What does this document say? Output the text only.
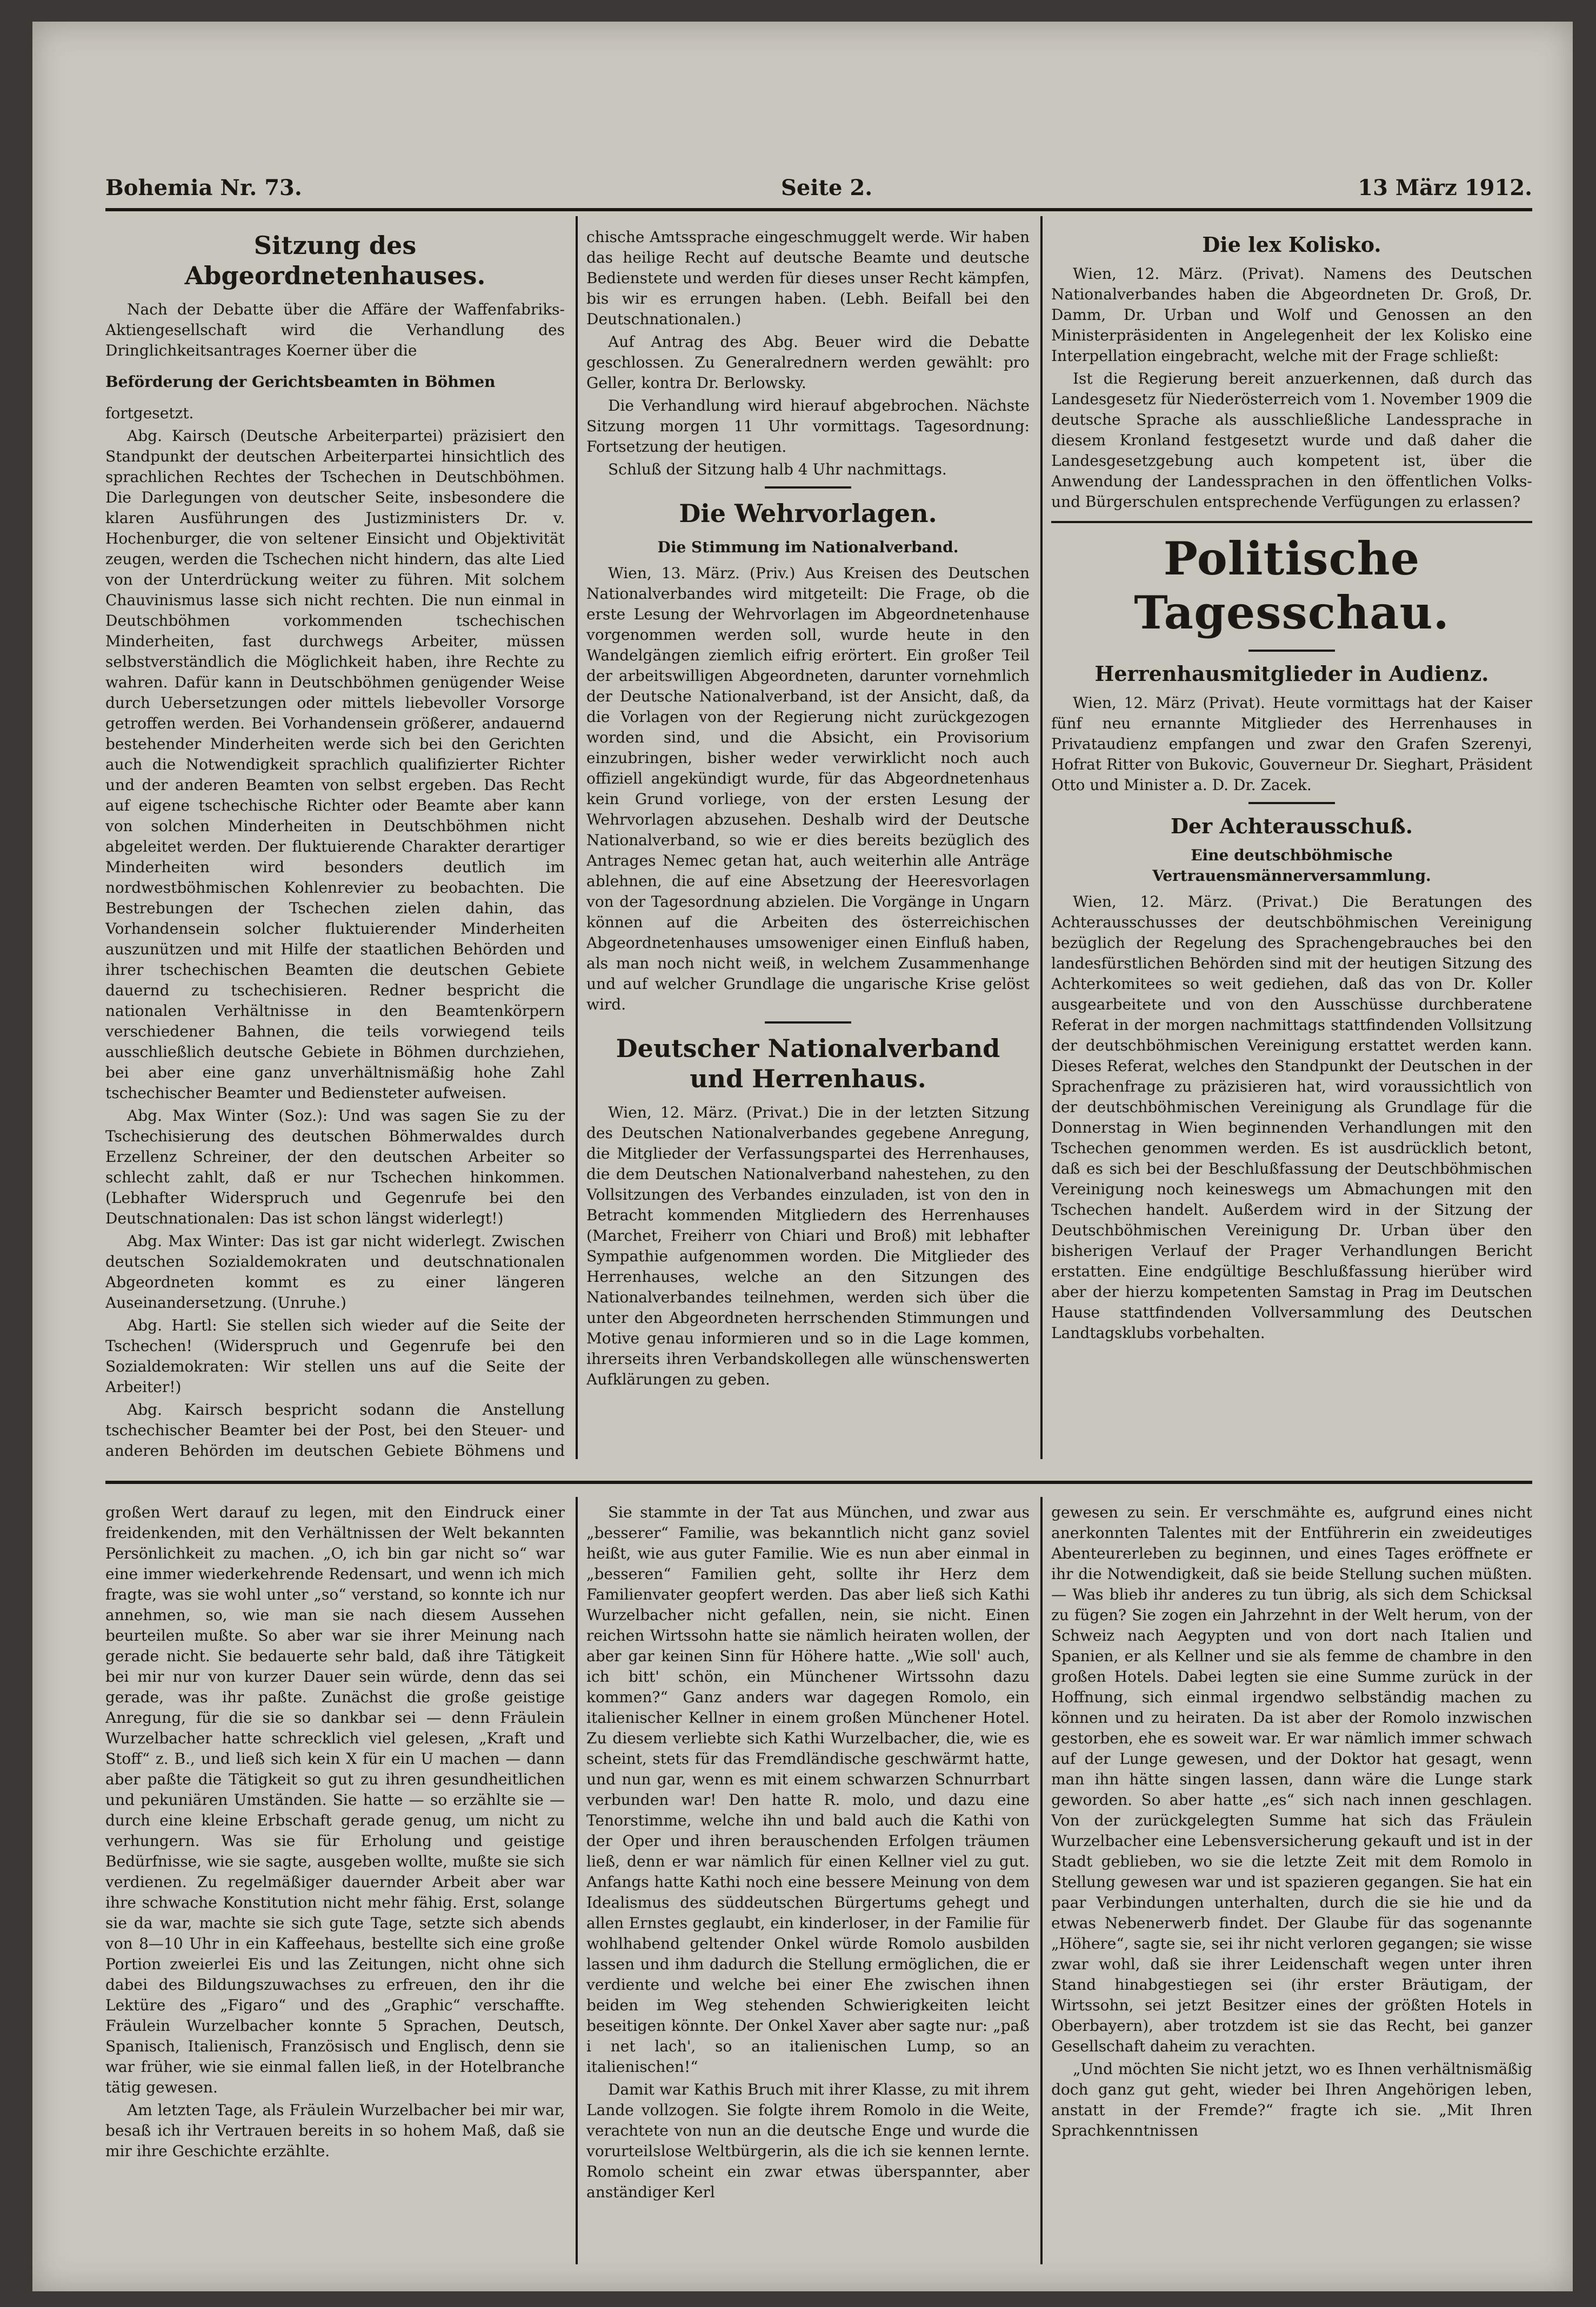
Bohemia Nr. 73.	Seite 2.	13 März 1912.
Sitzung des Abgeordnetenhauses.

Nach der Debatte über die Affäre der Waffenfabriks-Aktiengesellschaft wird die Verhandlung des Dringlichkeitsantrages Koerner über die

Beförderung der Gerichtsbeamten in Böhmen

fortgesetzt.

Abg. Kairsch (Deutsche Arbeiterpartei) präzisiert den Standpunkt der deutschen Arbeiterpartei hinsichtlich des sprachlichen Rechtes der Tschechen in Deutschböhmen. Die Darlegungen von deutscher Seite, insbesondere die klaren Ausführungen des Justizministers Dr. v. Hochenburger, die von seltener Einsicht und Objektivität zeugen, werden die Tschechen nicht hindern, das alte Lied von der Unterdrückung weiter zu führen. Mit solchem Chauvinismus lasse sich nicht rechten. Die nun einmal in Deutschböhmen vorkommenden tschechischen Minderheiten, fast durchwegs Arbeiter, müssen selbstverständlich die Möglichkeit haben, ihre Rechte zu wahren. Dafür kann in Deutschböhmen genügender Weise durch Uebersetzungen oder mittels liebevoller Vorsorge getroffen werden. Bei Vorhandensein größerer, andauernd bestehender Minderheiten werde sich bei den Gerichten auch die Notwendigkeit sprachlich qualifizierter Richter und der anderen Beamten von selbst ergeben. Das Recht auf eigene tschechische Richter oder Beamte aber kann von solchen Minderheiten in Deutschböhmen nicht abgeleitet werden. Der fluktuierende Charakter derartiger Minderheiten wird besonders deutlich im nordwestböhmischen Kohlenrevier zu beobachten. Die Bestrebungen der Tschechen zielen dahin, das Vorhandensein solcher fluktuierender Minderheiten auszunützen und mit Hilfe der staatlichen Behörden und ihrer tschechischen Beamten die deutschen Gebiete dauernd zu tschechisieren. Redner bespricht die nationalen Verhältnisse in den Beamtenkörpern verschiedener Bahnen, die teils vorwiegend teils ausschließlich deutsche Gebiete in Böhmen durchziehen, bei aber eine ganz unverhältnismäßig hohe Zahl tschechischer Beamter und Bediensteter aufweisen.

Abg. Max Winter (Soz.): Und was sagen Sie zu der Tschechisierung des deutschen Böhmerwaldes durch Erzellenz Schreiner, der den deutschen Arbeiter so schlecht zahlt, daß er nur Tschechen hinkommen. (Lebhafter Widerspruch und Gegenrufe bei den Deutschnationalen: Das ist schon längst widerlegt!)

Abg. Max Winter: Das ist gar nicht widerlegt. Zwischen deutschen Sozialdemokraten und deutschnationalen Abgeordneten kommt es zu einer längeren Auseinandersetzung. (Unruhe.)

Abg. Hartl: Sie stellen sich wieder auf die Seite der Tschechen! (Widerspruch und Gegenrufe bei den Sozialdemokraten: Wir stellen uns auf die Seite der Arbeiter!)

Abg. Kairsch bespricht sodann die Anstellung tschechischer Beamter bei der Post, bei den Steuer- und anderen Behörden im deutschen Gebiete Böhmens und

chische Amtssprache eingeschmuggelt werde. Wir haben das heilige Recht auf deutsche Beamte und deutsche Bedienstete und werden für dieses unser Recht kämpfen, bis wir es errungen haben. (Lebh. Beifall bei den Deutschnationalen.)

Auf Antrag des Abg. Beuer wird die Debatte geschlossen. Zu Generalrednern werden gewählt: pro Geller, kontra Dr. Berlowsky.

Die Verhandlung wird hierauf abgebrochen. Nächste Sitzung morgen 11 Uhr vormittags. Tagesordnung: Fortsetzung der heutigen.

Schluß der Sitzung halb 4 Uhr nachmittags.

Die Wehrvorlagen.
Die Stimmung im Nationalverband.

Wien, 13. März. (Priv.) Aus Kreisen des Deutschen Nationalverbandes wird mitgeteilt: Die Frage, ob die erste Lesung der Wehrvorlagen im Abgeordnetenhause vorgenommen werden soll, wurde heute in den Wandelgängen ziemlich eifrig erörtert. Ein großer Teil der arbeitswilligen Abgeordneten, darunter vornehmlich der Deutsche Nationalverband, ist der Ansicht, daß, da die Vorlagen von der Regierung nicht zurückgezogen worden sind, und die Absicht, ein Provisorium einzubringen, bisher weder verwirklicht noch auch offiziell angekündigt wurde, für das Abgeordnetenhaus kein Grund vorliege, von der ersten Lesung der Wehrvorlagen abzusehen. Deshalb wird der Deutsche Nationalverband, so wie er dies bereits bezüglich des Antrages Nemec getan hat, auch weiterhin alle Anträge ablehnen, die auf eine Absetzung der Heeresvorlagen von der Tagesordnung abzielen. Die Vorgänge in Ungarn können auf die Arbeiten des österreichischen Abgeordnetenhauses umsoweniger einen Einfluß haben, als man noch nicht weiß, in welchem Zusammenhange und auf welcher Grundlage die ungarische Krise gelöst wird.

Deutscher Nationalverband und Herrenhaus.

Wien, 12. März. (Privat.) Die in der letzten Sitzung des Deutschen Nationalverbandes gegebene Anregung, die Mitglieder der Verfassungspartei des Herrenhauses, die dem Deutschen Nationalverband nahestehen, zu den Vollsitzungen des Verbandes einzuladen, ist von den in Betracht kommenden Mitgliedern des Herrenhauses (Marchet, Freiherr von Chiari und Broß) mit lebhafter Sympathie aufgenommen worden. Die Mitglieder des Herrenhauses, welche an den Sitzungen des Nationalverbandes teilnehmen, werden sich über die unter den Abgeordneten herrschenden Stimmungen und Motive genau informieren und so in die Lage kommen, ihrerseits ihren Verbandskollegen alle wünschenswerten Aufklärungen zu geben.

Die lex Kolisko.

Wien, 12. März. (Privat). Namens des Deutschen Nationalverbandes haben die Abgeordneten Dr. Groß, Dr. Damm, Dr. Urban und Wolf und Genossen an den Ministerpräsidenten in Angelegenheit der lex Kolisko eine Interpellation eingebracht, welche mit der Frage schließt:

Ist die Regierung bereit anzuerkennen, daß durch das Landesgesetz für Niederösterreich vom 1. November 1909 die deutsche Sprache als ausschließliche Landessprache in diesem Kronland festgesetzt wurde und daß daher die Landesgesetzgebung auch kompetent ist, über die Anwendung der Landessprachen in den öffentlichen Volks- und Bürgerschulen entsprechende Verfügungen zu erlassen?

Politische Tagesschau.
Herrenhausmitglieder in Audienz.

Wien, 12. März (Privat). Heute vormittags hat der Kaiser fünf neu ernannte Mitglieder des Herrenhauses in Privataudienz empfangen und zwar den Grafen Szerenyi, Hofrat Ritter von Bukovic, Gouverneur Dr. Sieghart, Präsident Otto und Minister a. D. Dr. Zacek.

Der Achterausschuß.
Eine deutschböhmische Vertrauensmännerversammlung.

Wien, 12. März. (Privat.) Die Beratungen des Achterausschusses der deutschböhmischen Vereinigung bezüglich der Regelung des Sprachengebrauches bei den landesfürstlichen Behörden sind mit der heutigen Sitzung des Achterkomitees so weit gediehen, daß das von Dr. Koller ausgearbeitete und von den Ausschüsse durchberatene Referat in der morgen nachmittags stattfindenden Vollsitzung der deutschböhmischen Vereinigung erstattet werden kann. Dieses Referat, welches den Standpunkt der Deutschen in der Sprachenfrage zu präzisieren hat, wird voraussichtlich von der deutschböhmischen Vereinigung als Grundlage für die Donnerstag in Wien beginnenden Verhandlungen mit den Tschechen genommen werden. Es ist ausdrücklich betont, daß es sich bei der Beschlußfassung der Deutschböhmischen Vereinigung noch keineswegs um Abmachungen mit den Tschechen handelt. Außerdem wird in der Sitzung der Deutschböhmischen Vereinigung Dr. Urban über den bisherigen Verlauf der Prager Verhandlungen Bericht erstatten. Eine endgültige Beschlußfassung hierüber wird aber der hierzu kompetenten Samstag in Prag im Deutschen Hause stattfindenden Vollversammlung des Deutschen Landtagsklubs vorbehalten.

großen Wert darauf zu legen, mit den Eindruck einer freidenkenden, mit den Verhältnissen der Welt bekannten Persönlichkeit zu machen. „O, ich bin gar nicht so“ war eine immer wiederkehrende Redensart, und wenn ich mich fragte, was sie wohl unter „so“ verstand, so konnte ich nur annehmen, so, wie man sie nach diesem Aussehen beurteilen mußte. So aber war sie ihrer Meinung nach gerade nicht. Sie bedauerte sehr bald, daß ihre Tätigkeit bei mir nur von kurzer Dauer sein würde, denn das sei gerade, was ihr paßte. Zunächst die große geistige Anregung, für die sie so dankbar sei — denn Fräulein Wurzelbacher hatte schrecklich viel gelesen, „Kraft und Stoff“ z. B., und ließ sich kein X für ein U machen — dann aber paßte die Tätigkeit so gut zu ihren gesundheitlichen und pekuniären Umständen. Sie hatte — so erzählte sie — durch eine kleine Erbschaft gerade genug, um nicht zu verhungern. Was sie für Erholung und geistige Bedürfnisse, wie sie sagte, ausgeben wollte, mußte sie sich verdienen. Zu regelmäßiger dauernder Arbeit aber war ihre schwache Konstitution nicht mehr fähig. Erst, solange sie da war, machte sie sich gute Tage, setzte sich abends von 8—10 Uhr in ein Kaffeehaus, bestellte sich eine große Portion zweierlei Eis und las Zeitungen, nicht ohne sich dabei des Bildungszuwachses zu erfreuen, den ihr die Lektüre des „Figaro“ und des „Graphic“ verschaffte. Fräulein Wurzelbacher konnte 5 Sprachen, Deutsch, Spanisch, Italienisch, Französisch und Englisch, denn sie war früher, wie sie einmal fallen ließ, in der Hotelbranche tätig gewesen.

Am letzten Tage, als Fräulein Wurzelbacher bei mir war, besaß ich ihr Vertrauen bereits in so hohem Maß, daß sie mir ihre Geschichte erzählte.

Sie stammte in der Tat aus München, und zwar aus „besserer“ Familie, was bekanntlich nicht ganz soviel heißt, wie aus guter Familie. Wie es nun aber einmal in „besseren“ Familien geht, sollte ihr Herz dem Familienvater geopfert werden. Das aber ließ sich Kathi Wurzelbacher nicht gefallen, nein, sie nicht. Einen reichen Wirtssohn hatte sie nämlich heiraten wollen, der aber gar keinen Sinn für Höhere hatte. „Wie soll' auch, ich bitt' schön, ein Münchener Wirtssohn dazu kommen?“ Ganz anders war dagegen Romolo, ein italienischer Kellner in einem großen Münchener Hotel. Zu diesem verliebte sich Kathi Wurzelbacher, die, wie es scheint, stets für das Fremdländische geschwärmt hatte, und nun gar, wenn es mit einem schwarzen Schnurrbart verbunden war! Den hatte R. molo, und dazu eine Tenorstimme, welche ihn und bald auch die Kathi von der Oper und ihren berauschenden Erfolgen träumen ließ, denn er war nämlich für einen Kellner viel zu gut. Anfangs hatte Kathi noch eine bessere Meinung von dem Idealismus des süddeutschen Bürgertums gehegt und allen Ernstes geglaubt, ein kinderloser, in der Familie für wohlhabend geltender Onkel würde Romolo ausbilden lassen und ihm dadurch die Stellung ermöglichen, die er verdiente und welche bei einer Ehe zwischen ihnen beiden im Weg stehenden Schwierigkeiten leicht beseitigen könnte. Der Onkel Xaver aber sagte nur: „paß i net lach', so an italienischen Lump, so an italienischen!“

Damit war Kathis Bruch mit ihrer Klasse, zu mit ihrem Lande vollzogen. Sie folgte ihrem Romolo in die Weite, verachtete von nun an die deutsche Enge und wurde die vorurteilslose Weltbürgerin, als die ich sie kennen lernte. Romolo scheint ein zwar etwas überspannter, aber anständiger Kerl

gewesen zu sein. Er verschmähte es, aufgrund eines nicht anerkonnten Talentes mit der Entführerin ein zweideutiges Abenteurerleben zu beginnen, und eines Tages eröffnete er ihr die Notwendigkeit, daß sie beide Stellung suchen müßten. — Was blieb ihr anderes zu tun übrig, als sich dem Schicksal zu fügen? Sie zogen ein Jahrzehnt in der Welt herum, von der Schweiz nach Aegypten und von dort nach Italien und Spanien, er als Kellner und sie als femme de chambre in den großen Hotels. Dabei legten sie eine Summe zurück in der Hoffnung, sich einmal irgendwo selbständig machen zu können und zu heiraten. Da ist aber der Romolo inzwischen gestorben, ehe es soweit war. Er war nämlich immer schwach auf der Lunge gewesen, und der Doktor hat gesagt, wenn man ihn hätte singen lassen, dann wäre die Lunge stark geworden. So aber hatte „es“ sich nach innen geschlagen. Von der zurückgelegten Summe hat sich das Fräulein Wurzelbacher eine Lebensversicherung gekauft und ist in der Stadt geblieben, wo sie die letzte Zeit mit dem Romolo in Stellung gewesen war und ist spazieren gegangen. Sie hat ein paar Verbindungen unterhalten, durch die sie hie und da etwas Nebenerwerb findet. Der Glaube für das sogenannte „Höhere“, sagte sie, sei ihr nicht verloren gegangen; sie wisse zwar wohl, daß sie ihrer Leidenschaft wegen unter ihren Stand hinabgestiegen sei (ihr erster Bräutigam, der Wirtssohn, sei jetzt Besitzer eines der größten Hotels in Oberbayern), aber trotzdem ist sie das Recht, bei ganzer Gesellschaft daheim zu verachten.

„Und möchten Sie nicht jetzt, wo es Ihnen verhältnismäßig doch ganz gut geht, wieder bei Ihren Angehörigen leben, anstatt in der Fremde?“ fragte ich sie. „Mit Ihren Sprachkenntnissen
